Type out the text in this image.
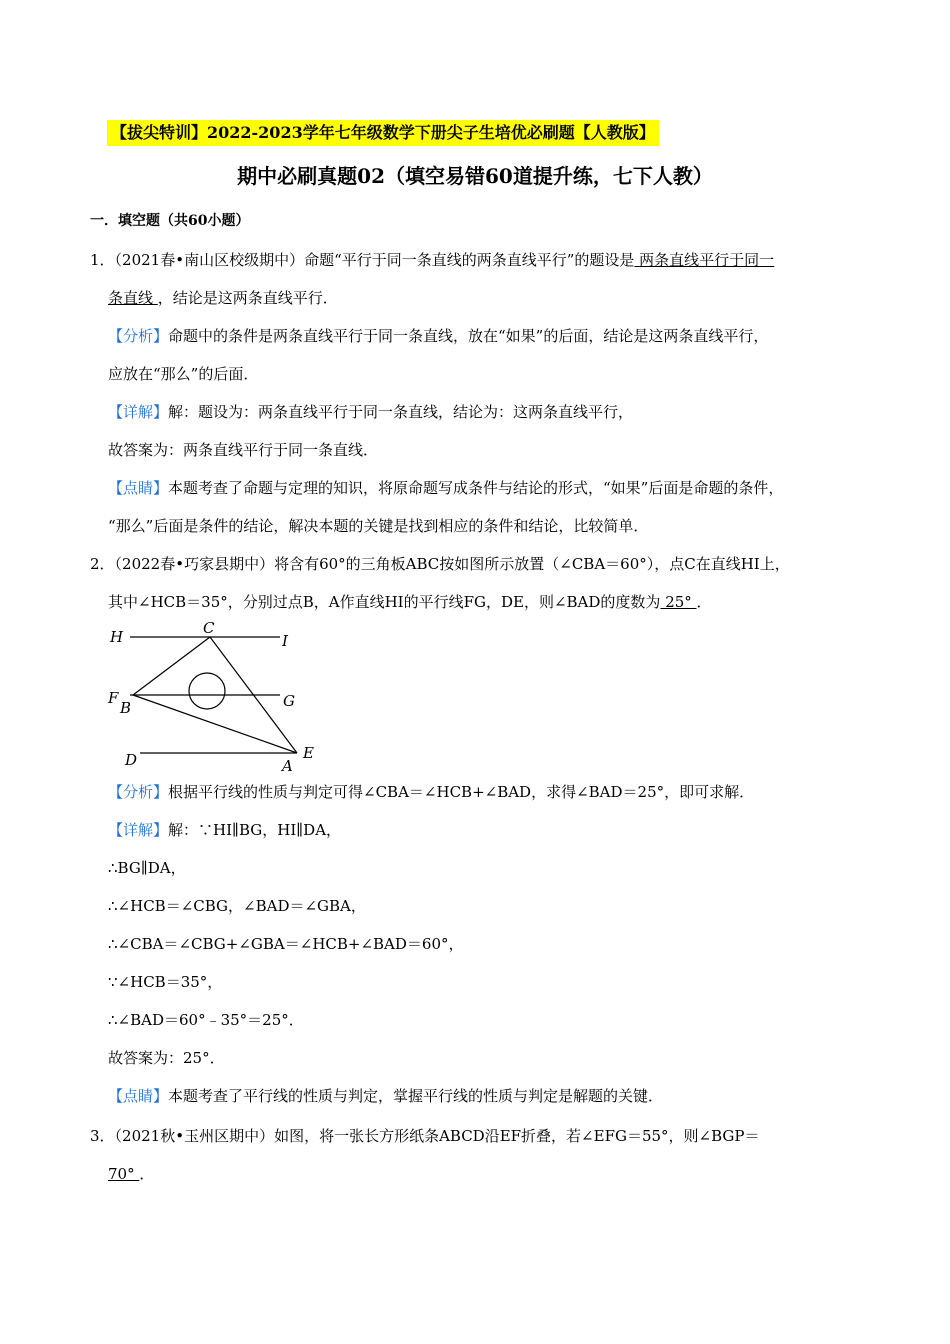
【拔尖特训】2022-2023学年七年级数学下册尖子生培优必刷题【人教版】
期中必刷真题02（填空易错60道提升练，七下人教）
一．填空题（共60小题）
1．（2021春•南山区校级期中）命题“平行于同一条直线的两条直线平行”的题设是 两条直线平行于同一
条直线 ，结论是这两条直线平行．
【分析】命题中的条件是两条直线平行于同一条直线，放在“如果”的后面，结论是这两条直线平行，
应放在“那么”的后面．
【详解】解：题设为：两条直线平行于同一条直线，结论为：这两条直线平行，
故答案为：两条直线平行于同一条直线．
【点睛】本题考查了命题与定理的知识，将原命题写成条件与结论的形式，“如果”后面是命题的条件，
“那么”后面是条件的结论，解决本题的关键是找到相应的条件和结论，比较简单．
2．（2022春•巧家县期中）将含有60°的三角板ABC按如图所示放置（∠CBA＝60°），点C在直线HI上，
其中∠HCB＝35°，分别过点B，A作直线HI的平行线FG，DE，则∠BAD的度数为 25° ．
H	C
I
F
B	G
D	A
E
【分析】根据平行线的性质与判定可得∠CBA＝∠HCB+∠BAD，求得∠BAD＝25°，即可求解．
【详解】解：∵HI∥BG，HI∥DA，
∴BG∥DA，
∴∠HCB＝∠CBG，∠BAD＝∠GBA，
∴∠CBA＝∠CBG+∠GBA＝∠HCB+∠BAD＝60°，
∵∠HCB＝35°，
∴∠BAD＝60°﹣35°＝25°．
故答案为：25°．
【点睛】本题考查了平行线的性质与判定，掌握平行线的性质与判定是解题的关键．
3．（2021秋•玉州区期中）如图，将一张长方形纸条ABCD沿EF折叠，若∠EFG＝55°，则∠BGP＝
70° ．
